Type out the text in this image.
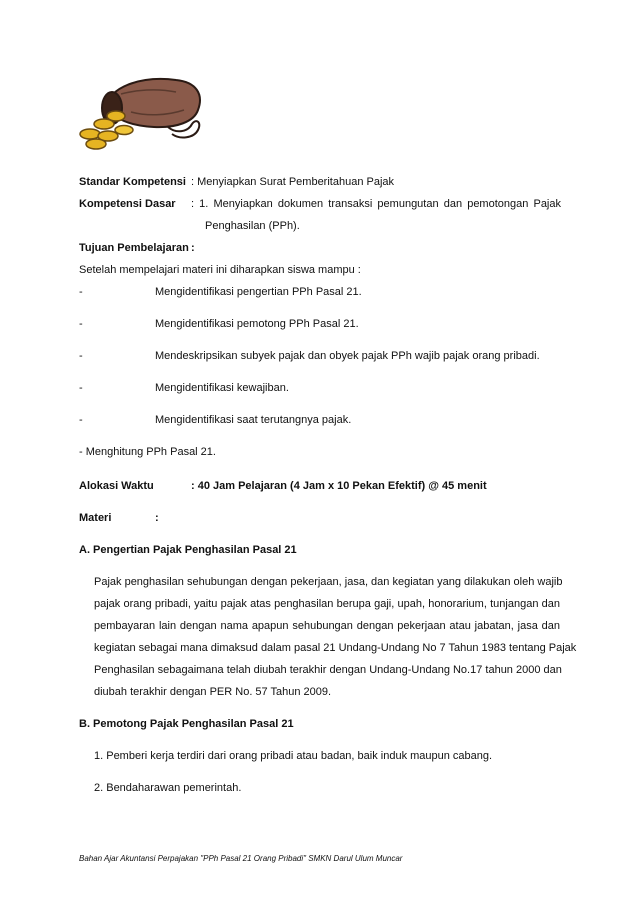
Standar Kompetensi : Menyiapkan Surat Pemberitahuan Pajak
Kompetensi Dasar : 1. Menyiapkan dokumen transaksi pemungutan dan pemotongan Pajak
Penghasilan (PPh).
Tujuan Pembelajaran :
Setelah mempelajari materi ini diharapkan siswa mampu :
-	Mengidentifikasi pengertian PPh Pasal 21.
-	Mengidentifikasi pemotong PPh Pasal 21.
-	Mendeskripsikan subyek pajak dan obyek pajak PPh wajib pajak orang pribadi.
-	Mengidentifikasi kewajiban.
-	Mengidentifikasi saat terutangnya pajak.
- Menghitung PPh Pasal 21.
Alokasi Waktu	: 40 Jam Pelajaran (4 Jam x 10 Pekan Efektif) @ 45 menit
Materi	:
A. Pengertian Pajak Penghasilan Pasal 21
Pajak penghasilan sehubungan dengan pekerjaan, jasa, dan kegiatan yang dilakukan oleh wajib
pajak orang pribadi, yaitu pajak atas penghasilan berupa gaji, upah, honorarium, tunjangan dan
pembayaran lain dengan nama apapun sehubungan dengan pekerjaan atau jabatan, jasa dan
kegiatan sebagai mana dimaksud dalam pasal 21 Undang-Undang No 7 Tahun 1983 tentang Pajak
Penghasilan sebagaimana telah diubah terakhir dengan Undang-Undang No.17 tahun 2000 dan
diubah terakhir dengan PER No. 57 Tahun 2009.
B. Pemotong Pajak Penghasilan Pasal 21
1. Pemberi kerja terdiri dari orang pribadi atau badan, baik induk maupun cabang.
2. Bendaharawan pemerintah.
Bahan Ajar Akuntansi Perpajakan "PPh Pasal 21 Orang Pribadi" SMKN Darul Ulum Muncar
